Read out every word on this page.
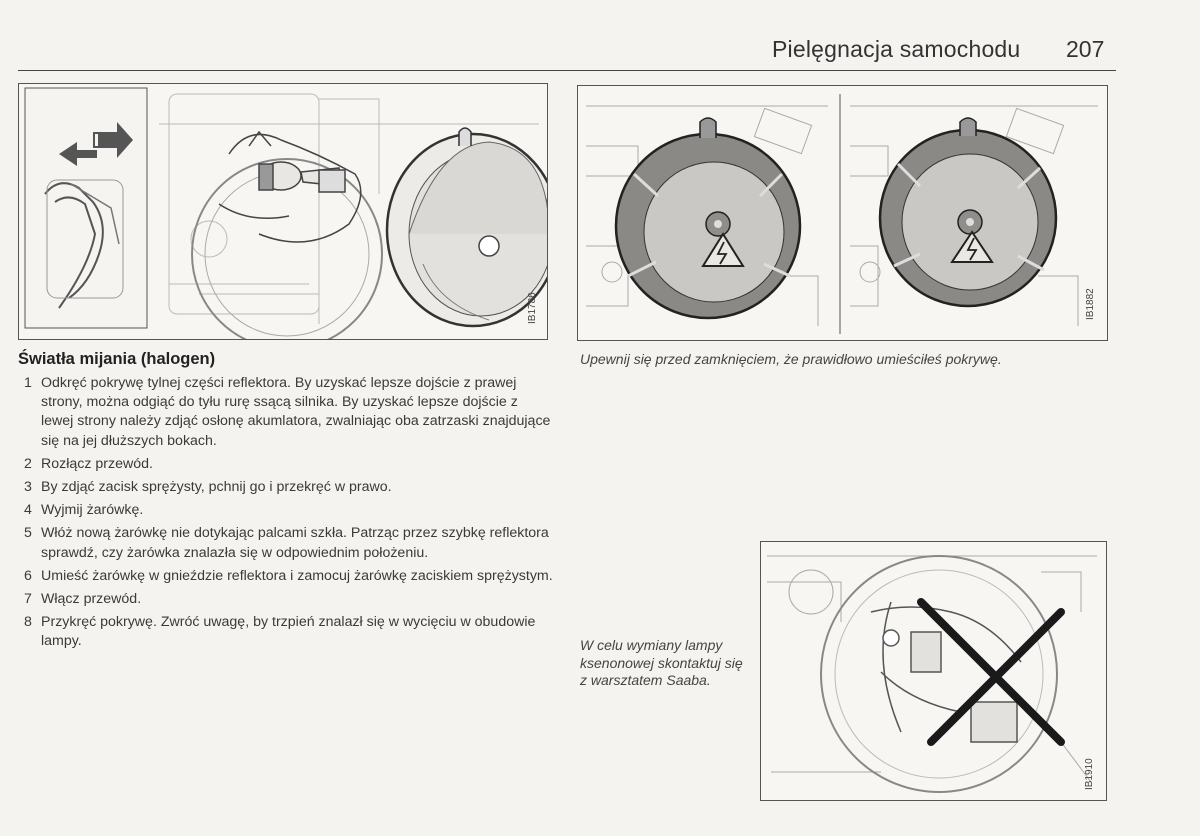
Pielęgnacja samochodu 207
IB1786	IB1882
Światła mijania (halogen)
1 Odkręć pokrywę tylnej części reflektora. By uzyskać lepsze dojście z prawej strony, można odgiąć do tyłu rurę ssącą silnika. By uzyskać lepsze dojście z lewej strony należy zdjąć osłonę akumlatora, zwalniając oba zatrzaski znajdujące się na jej dłuższych bokach.
2 Rozłącz przewód.
3 By zdjąć zacisk sprężysty, pchnij go i przekręć w prawo.
4 Wyjmij żarówkę.
5 Włóż nową żarówkę nie dotykając palcami szkła. Patrząc przez szybkę reflektora sprawdź, czy żarówka znalazła się w odpowiednim położeniu.
6 Umieść żarówkę w gnieździe reflektora i zamocuj żarówkę zaciskiem sprężystym.
7 Włącz przewód.
8 Przykręć pokrywę. Zwróć uwagę, by trzpień znalazł się w wycięciu w obudowie lampy.
Upewnij się przed zamknięciem, że prawidłowo umieściłeś pokrywę.
W celu wymiany lampy ksenonowej skontaktuj się z warsztatem Saaba.
IB1910
